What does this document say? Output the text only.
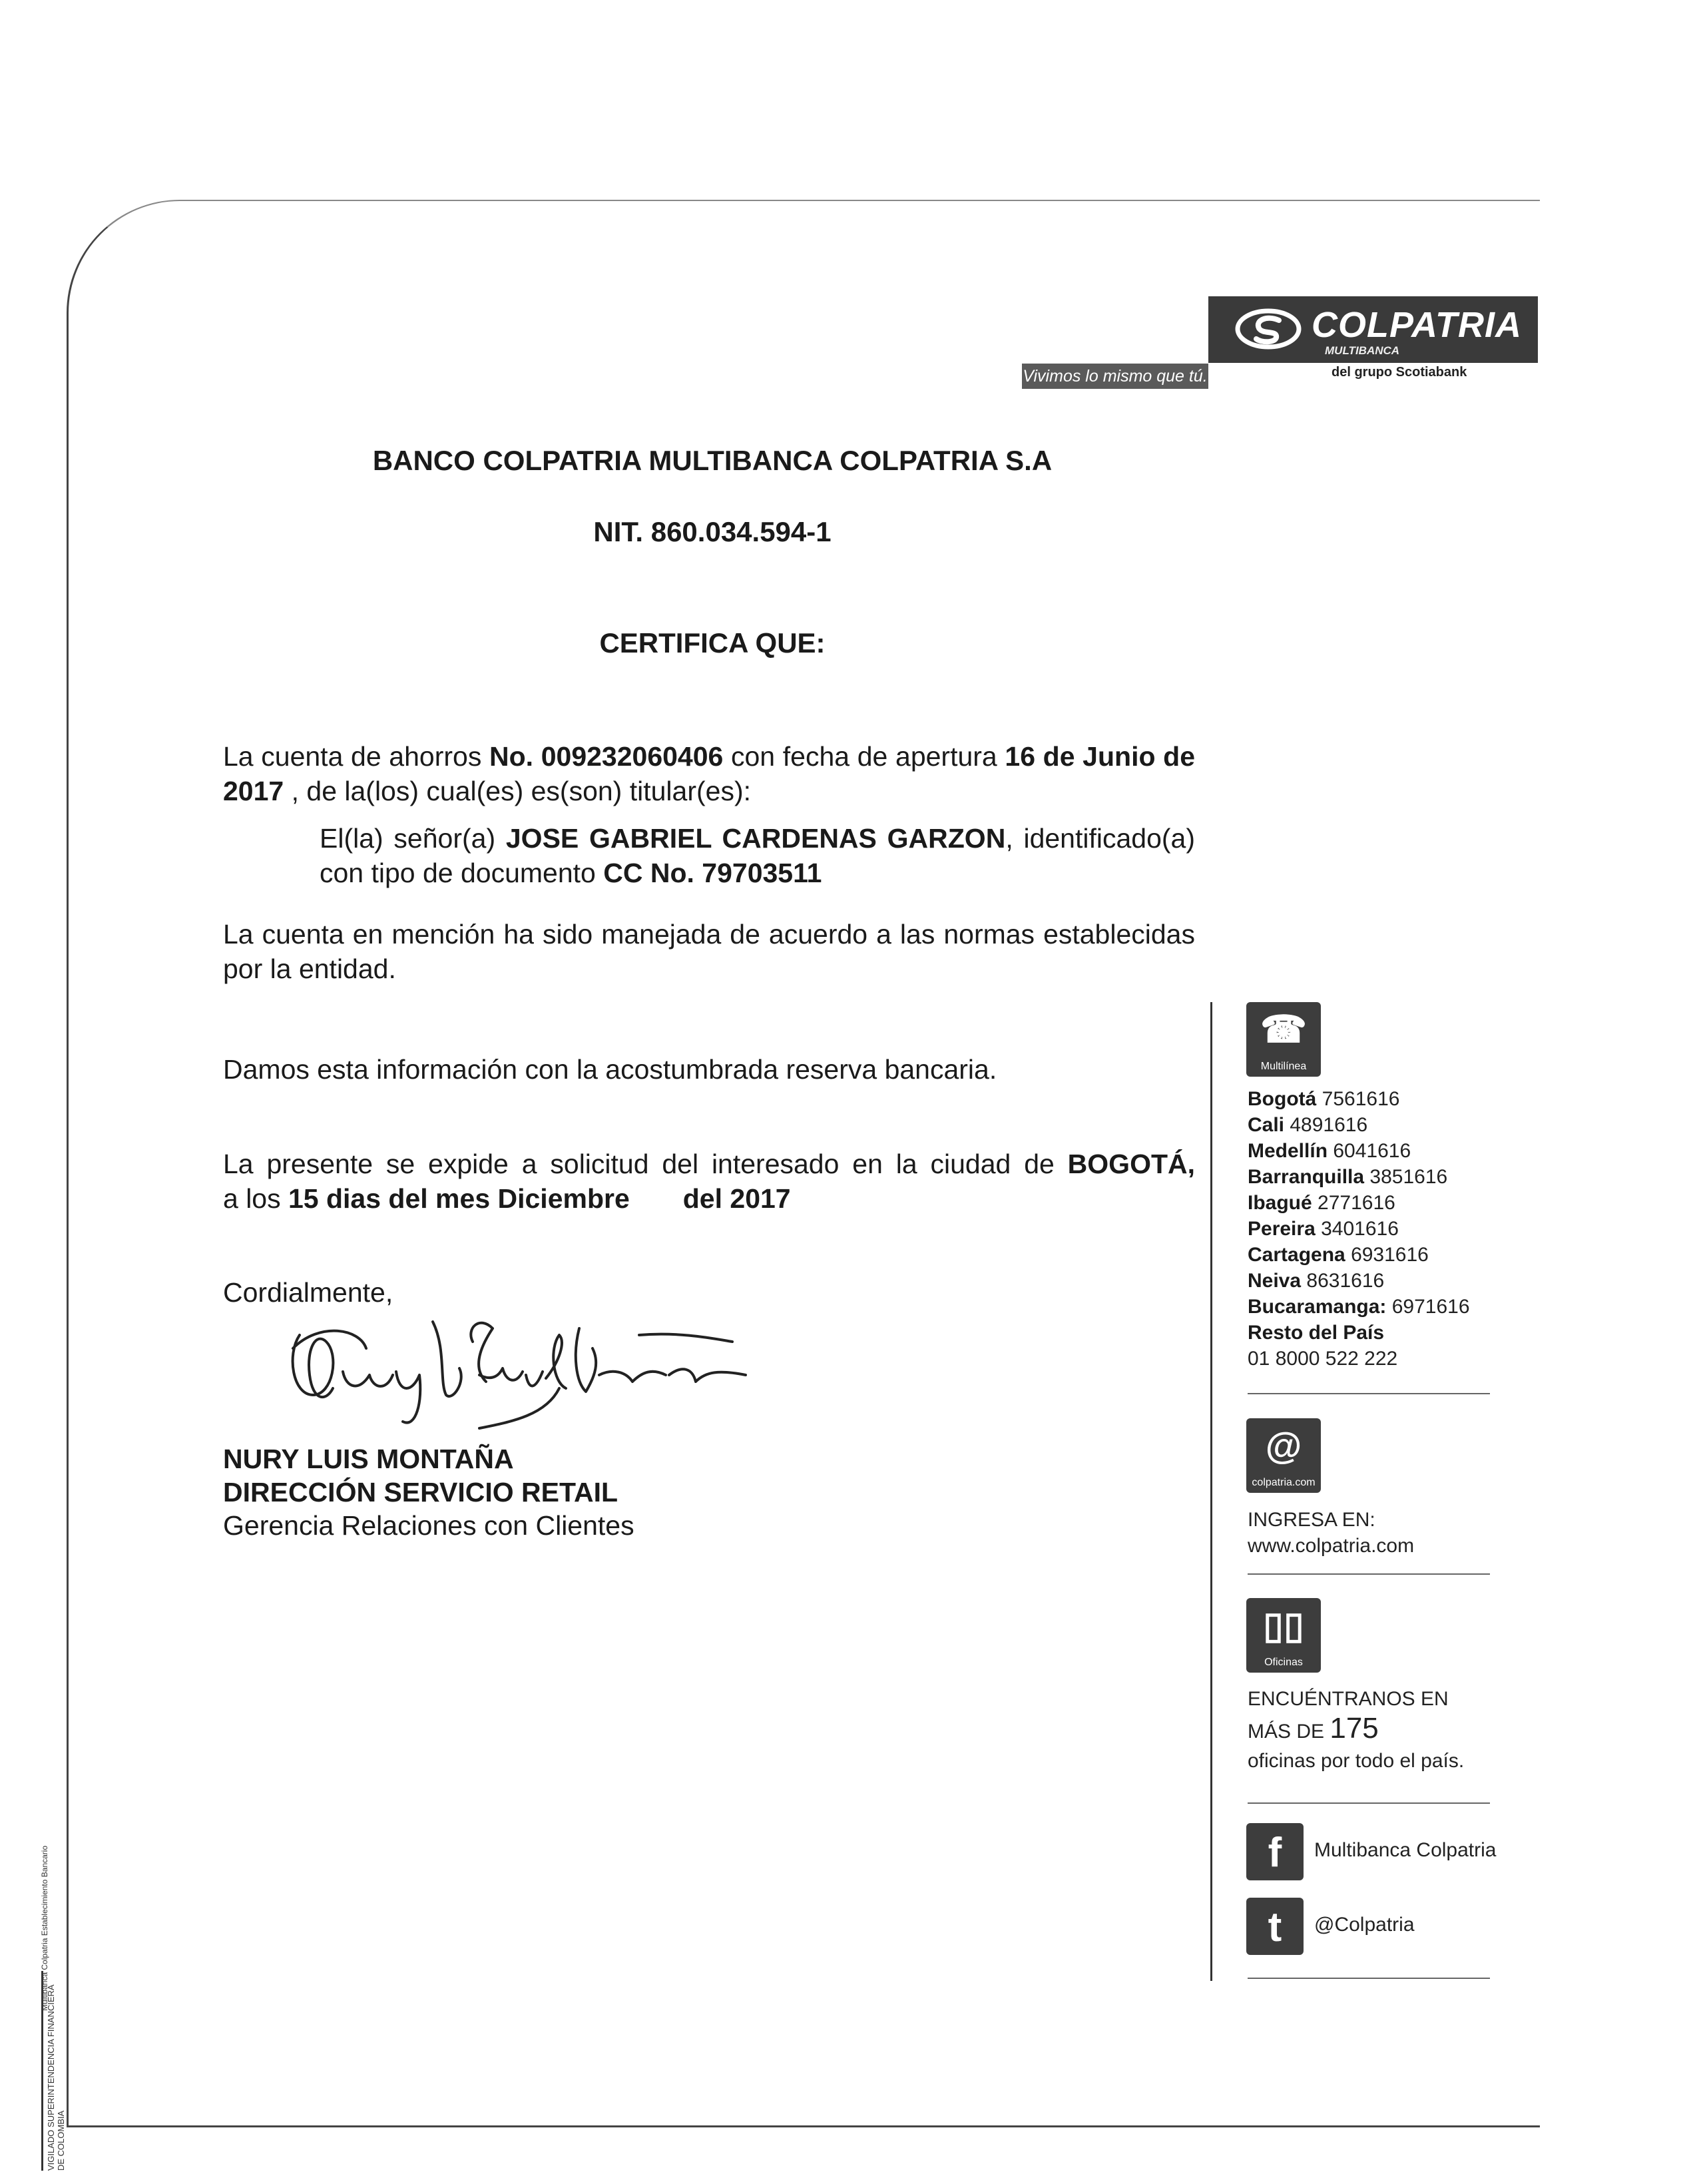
COLPATRIA
MULTIBANCA
Vivimos lo mismo que tú.	del grupo Scotiabank
BANCO COLPATRIA MULTIBANCA COLPATRIA S.A
NIT. 860.034.594-1
CERTIFICA QUE:
La cuenta de ahorros No. 009232060406 con fecha de apertura 16 de Junio de 2017 , de la(los) cual(es) es(son) titular(es):
El(la) señor(a) JOSE GABRIEL CARDENAS GARZON, identificado(a) con tipo de documento CC No. 79703511
La cuenta en mención ha sido manejada de acuerdo a las normas establecidas por la entidad.
Damos esta información con la acostumbrada reserva bancaria.
La presente se expide a solicitud del interesado en la ciudad de BOGOTÁ,
a los 15 dias del mes Diciembre del 2017
Cordialmente,
NURY LUIS MONTAÑA
DIRECCIÓN SERVICIO RETAIL
Gerencia Relaciones con Clientes
☎
Multilínea
Bogotá 7561616
Cali 4891616
Medellín 6041616
Barranquilla 3851616
Ibagué 2771616
Pereira 3401616
Cartagena 6931616
Neiva 8631616
Bucaramanga: 6971616
Resto del País
01 8000 522 222
@
colpatria.com
INGRESA EN:
www.colpatria.com
▯▯
Oficinas
ENCUÉNTRANOS EN
MÁS DE 175
oficinas por todo el país.
f	Multibanca Colpatria
t	@Colpatria
Multibanca Colpatria Establecimiento Bancario
VIGILADO SUPERINTENDENCIA FINANCIERA DE COLOMBIA
